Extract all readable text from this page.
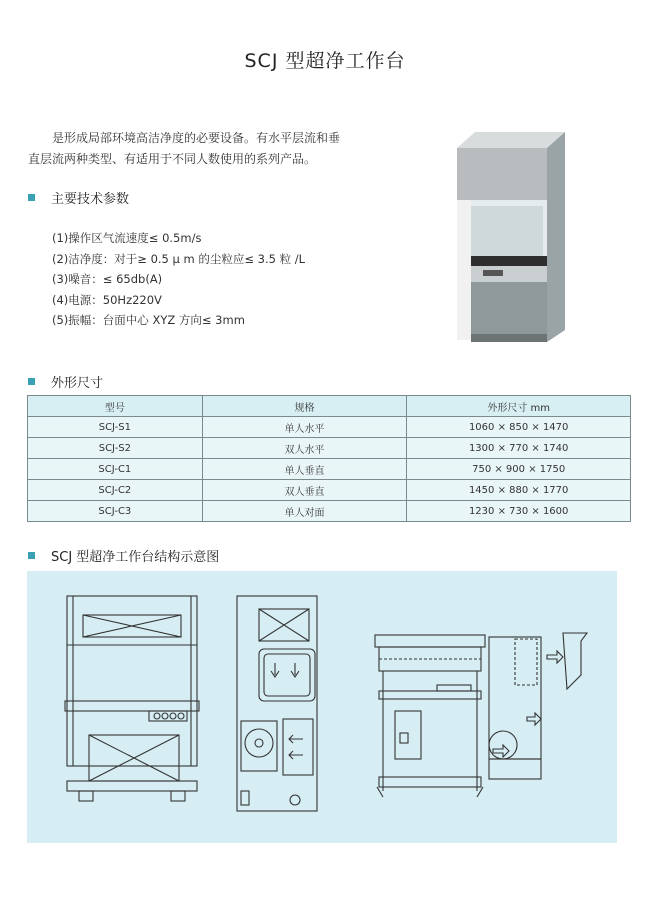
SCJ 型超净工作台

是形成局部环境高洁净度的必要设备。有水平层流和垂

直层流两种类型、有适用于不同人数使用的系列产品。

主要技术参数
(1)操作区气流速度≤ 0.5m/s
(2)洁净度：对于≥ 0.5 μ m 的尘粒应≤ 3.5 粒 /L
(3)噪音：≤ 65db(A)
(4)电源：50Hz220V
(5)振幅：台面中心 XYZ 方向≤ 3mm
外形尺寸
型号	规格	外形尺寸 mm
SCJ-S1	单人水平	1060 × 850 × 1470
SCJ-S2	双人水平	1300 × 770 × 1740
SCJ-C1	单人垂直	750 × 900 × 1750
SCJ-C2	双人垂直	1450 × 880 × 1770
SCJ-C3	单人对面	1230 × 730 × 1600
SCJ 型超净工作台结构示意图
